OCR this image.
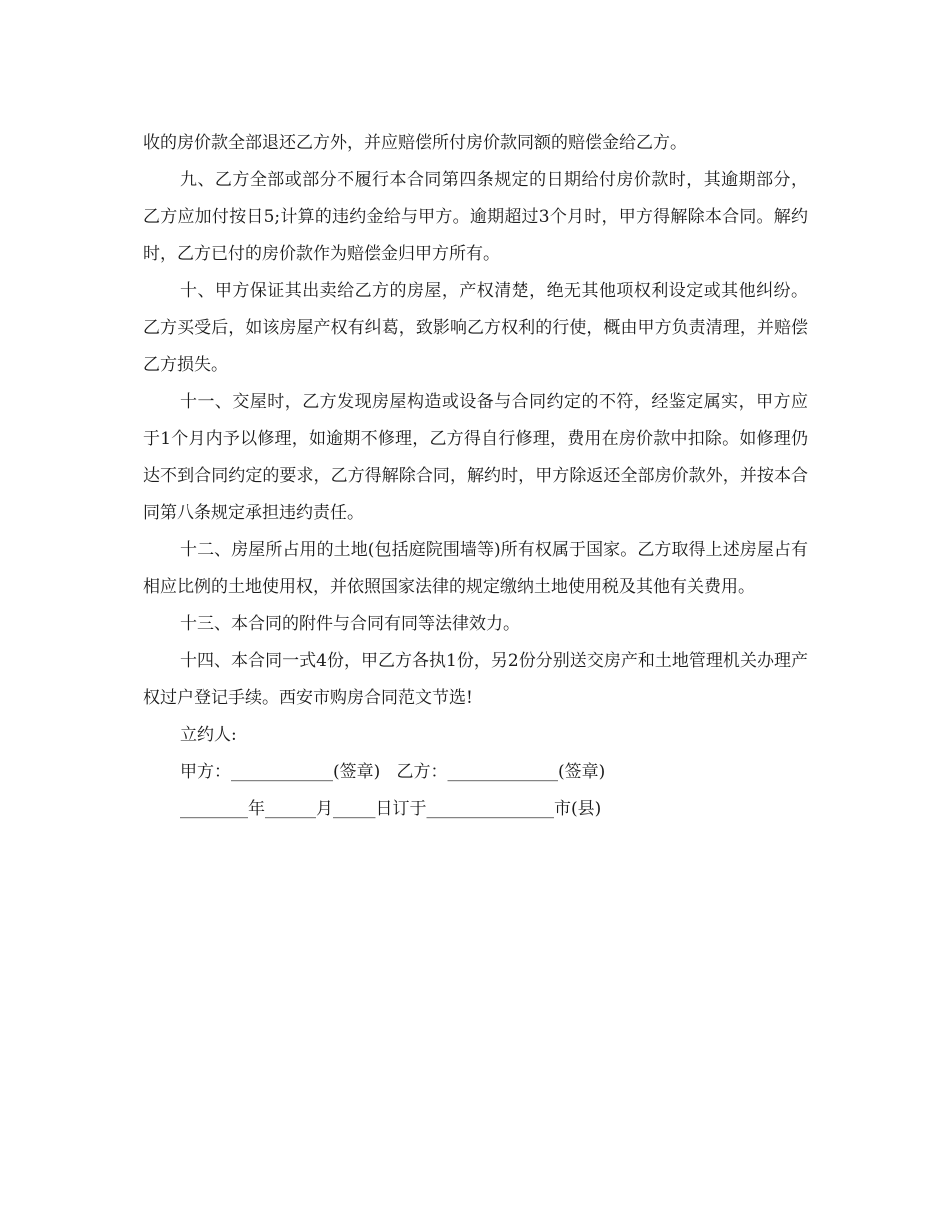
收的房价款全部退还乙方外，并应赔偿所付房价款同额的赔偿金给乙方。

九、乙方全部或部分不履行本合同第四条规定的日期给付房价款时，其逾期部分，乙方应加付按日5;计算的违约金给与甲方。逾期超过3个月时，甲方得解除本合同。解约时，乙方已付的房价款作为赔偿金归甲方所有。

十、甲方保证其出卖给乙方的房屋，产权清楚，绝无其他项权利设定或其他纠纷。乙方买受后，如该房屋产权有纠葛，致影响乙方权利的行使，概由甲方负责清理，并赔偿乙方损失。

十一、交屋时，乙方发现房屋构造或设备与合同约定的不符，经鉴定属实，甲方应于1个月内予以修理，如逾期不修理，乙方得自行修理，费用在房价款中扣除。如修理仍达不到合同约定的要求，乙方得解除合同，解约时，甲方除返还全部房价款外，并按本合同第八条规定承担违约责任。

十二、房屋所占用的土地(包括庭院围墙等)所有权属于国家。乙方取得上述房屋占有相应比例的土地使用权，并依照国家法律的规定缴纳土地使用税及其他有关费用。

十三、本合同的附件与合同有同等法律效力。

十四、本合同一式4份，甲乙方各执1份，另2份分别送交房产和土地管理机关办理产权过户登记手续。西安市购房合同范文节选!

立约人:

甲方：____________(签章)   乙方：_____________(签章)

________年______月_____日订于_______________市(县)
